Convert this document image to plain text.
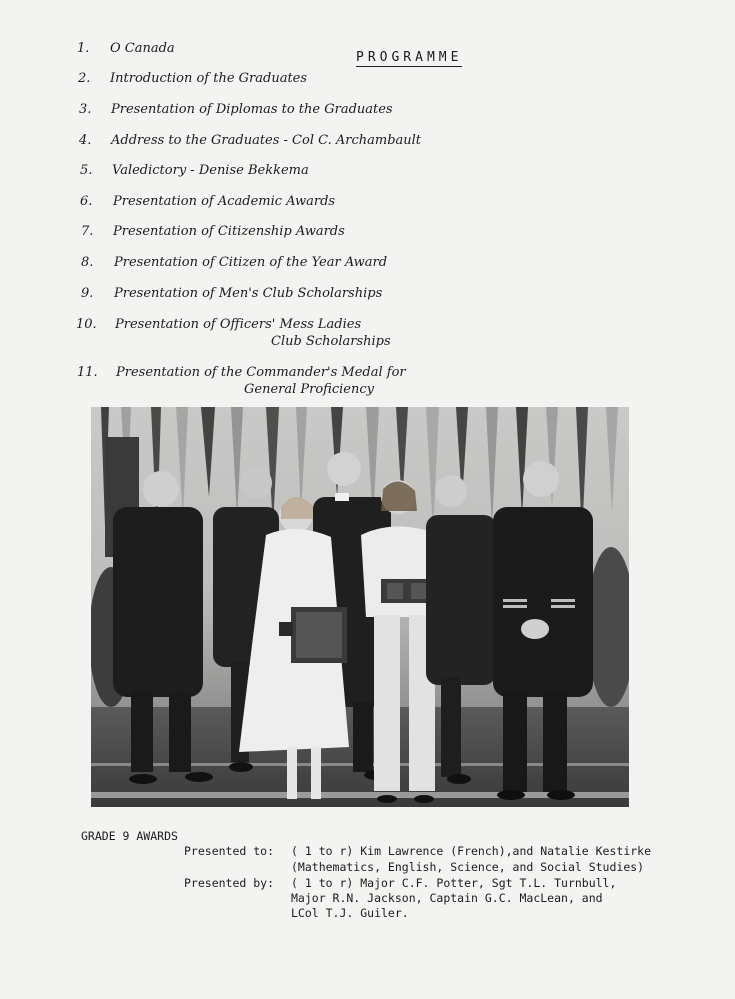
PROGRAMME
1. O Canada
2. Introduction of the Graduates
3. Presentation of Diplomas to the Graduates
4. Address to the Graduates - Col C. Archambault
5. Valedictory - Denise Bekkema
6. Presentation of Academic Awards
7. Presentation of Citizenship Awards
8. Presentation of Citizen of the Year Award
9. Presentation of Men's Club Scholarships
10. Presentation of Officers' Mess Ladies
Club Scholarships
11. Presentation of the Commander's Medal for
General Proficiency
GRADE 9 AWARDS
Presented to: ( 1 to r) Kim Lawrence (French),and Natalie Kestirke
(Mathematics, English, Science, and Social Studies)
Presented by: ( 1 to r) Major C.F. Potter, Sgt T.L. Turnbull,
Major R.N. Jackson, Captain G.C. MacLean, and
LCol T.J. Guiler.
